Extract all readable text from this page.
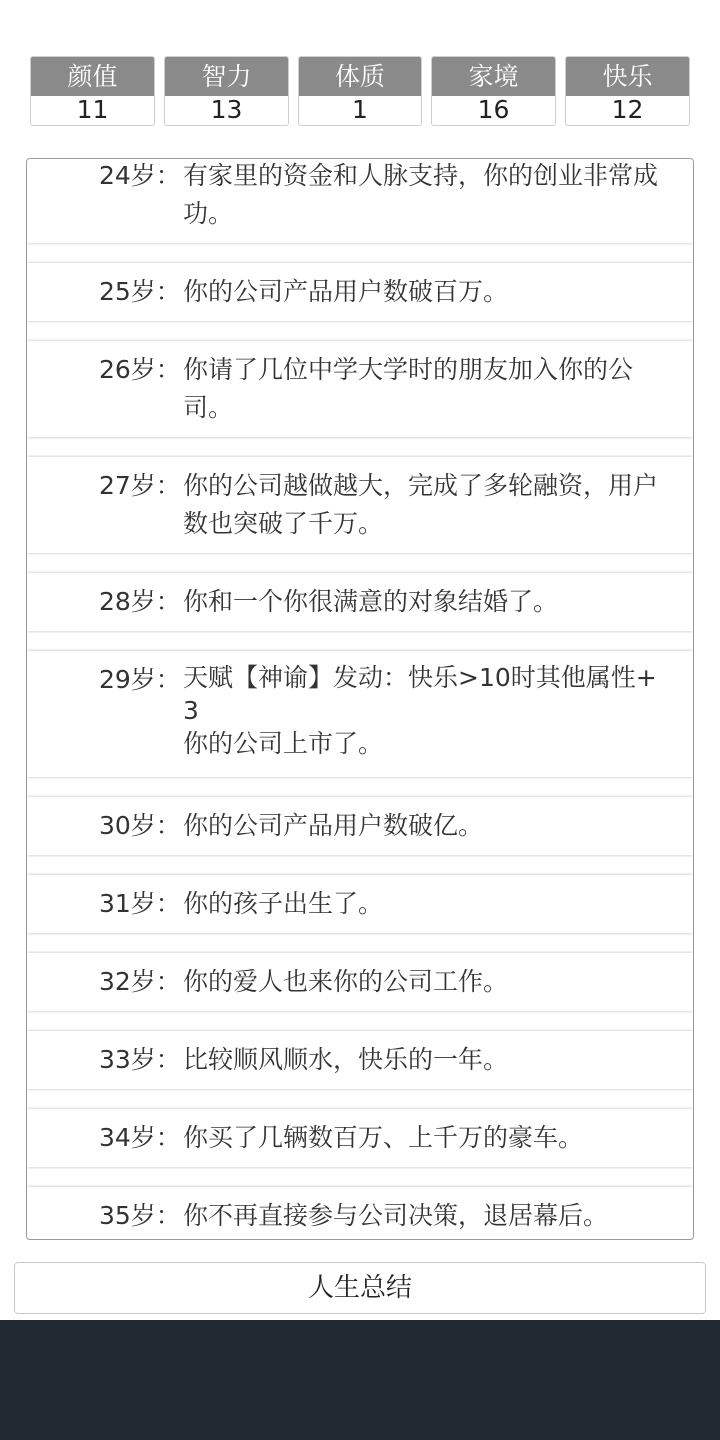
颜值
11
智力
13
体质
1
家境
16
快乐
12
24岁： 有家里的资金和人脉支持，你的创业非常成功。
25岁： 你的公司产品用户数破百万。
26岁： 你请了几位中学大学时的朋友加入你的公司。
27岁： 你的公司越做越大，完成了多轮融资，用户数也突破了千万。
28岁： 你和一个你很满意的对象结婚了。
29岁： 天赋【神谕】发动：快乐>10时其他属性+3
你的公司上市了。
30岁： 你的公司产品用户数破亿。
31岁： 你的孩子出生了。
32岁： 你的爱人也来你的公司工作。
33岁： 比较顺风顺水，快乐的一年。
34岁： 你买了几辆数百万、上千万的豪车。
35岁： 你不再直接参与公司决策，退居幕后。
人生总结
